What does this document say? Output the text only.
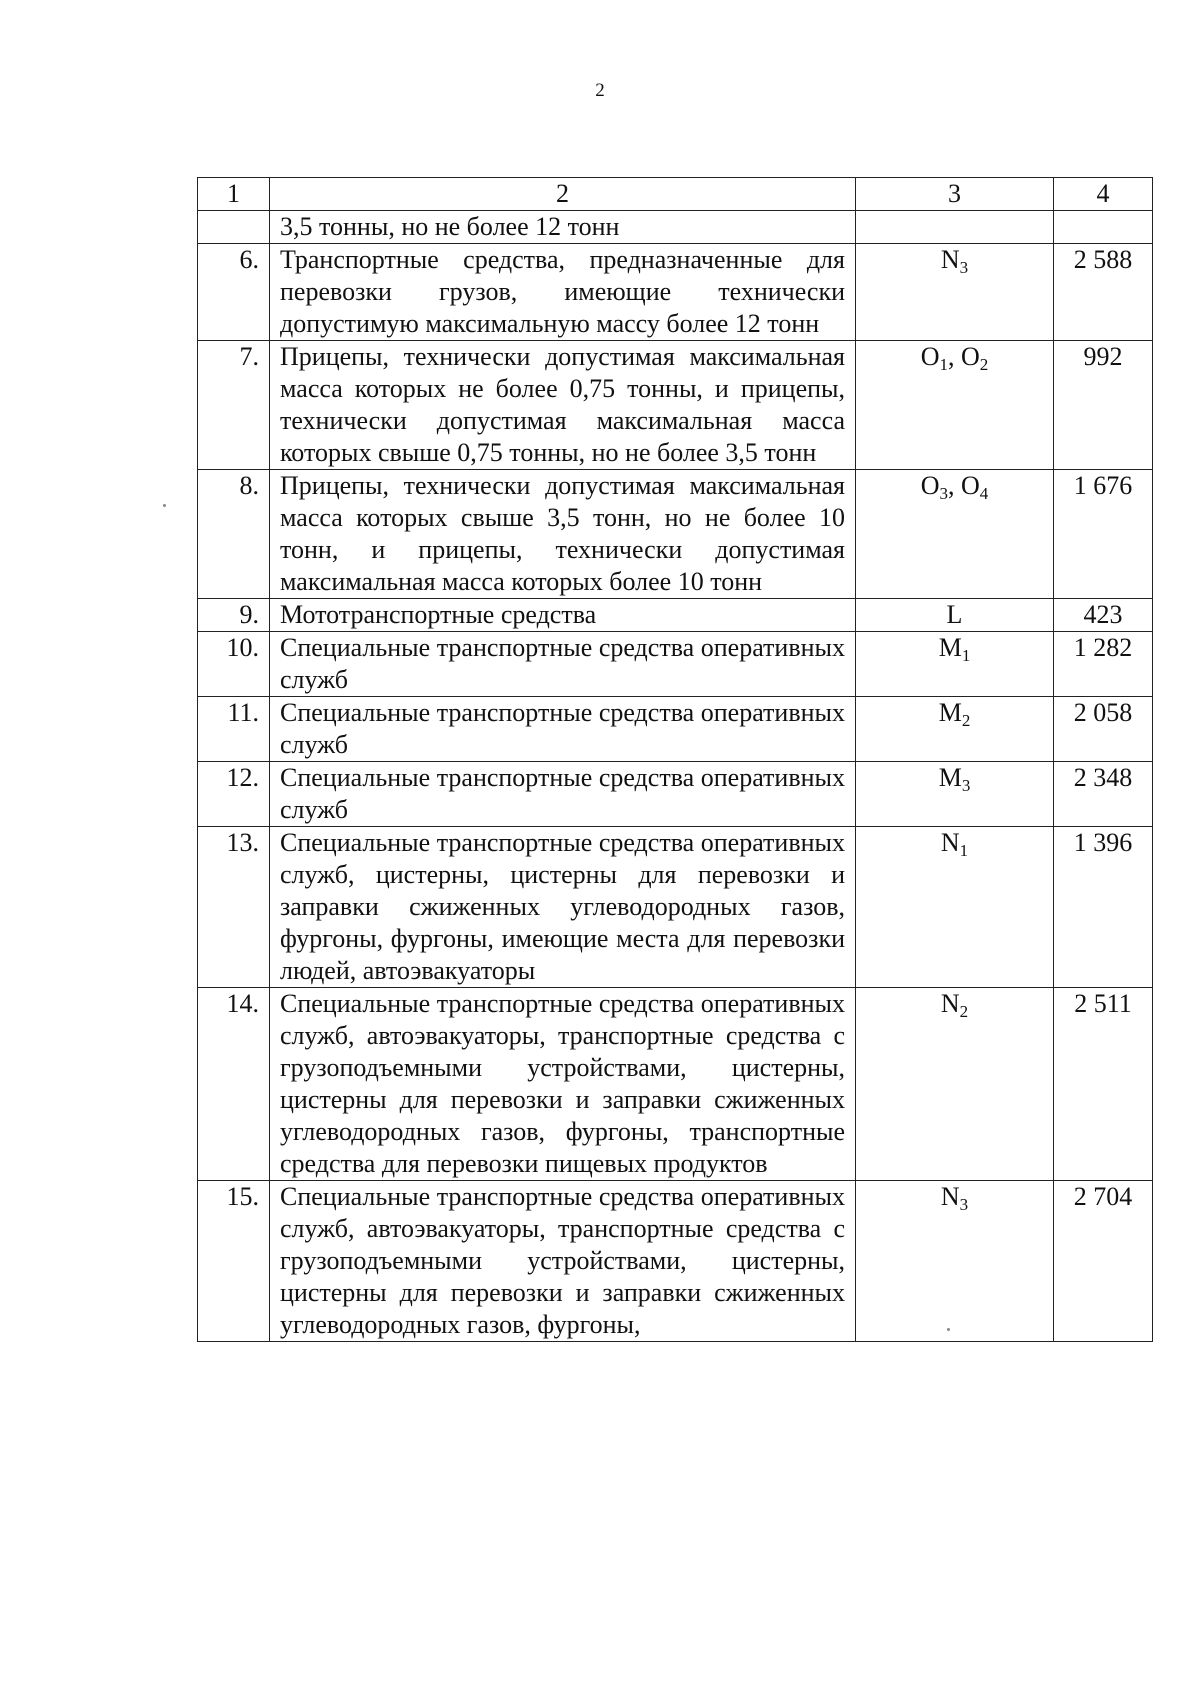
2
1	2	3	4
	3,5 тонны, но не более 12 тонн		
6.	Транспортные средства, предназначенные для перевозки грузов, имеющие технически допустимую максимальную массу более 12 тонн	$N_3$	2 588
7.	Прицепы, технически допустимая максимальная масса которых не более 0,75 тонны, и прицепы, технически допустимая максимальная масса которых свыше 0,75 тонны, но не более 3,5 тонн	$O_1$, $O_2$	992
8.	Прицепы, технически допустимая максимальная масса которых свыше 3,5 тонн, но не более 10 тонн, и прицепы, технически допустимая максимальная масса которых более 10 тонн	$O_3$, $O_4$	1 676
9.	Мототранспортные средства	L	423
10.	Специальные транспортные средства оперативных служб	$M_1$	1 282
11.	Специальные транспортные средства оперативных служб	$M_2$	2 058
12.	Специальные транспортные средства оперативных служб	$M_3$	2 348
13.	Специальные транспортные средства оперативных служб, цистерны, цистерны для перевозки и заправки сжиженных углеводородных газов, фургоны, фургоны, имеющие места для перевозки людей, автоэвакуаторы	$N_1$	1 396
14.	Специальные транспортные средства оперативных служб, автоэвакуаторы, транспортные средства с грузоподъемными устройствами, цистерны, цистерны для перевозки и заправки сжиженных углеводородных газов, фургоны, транспортные средства для перевозки пищевых продуктов	$N_2$	2 511
15.	Специальные транспортные средства оперативных служб, автоэвакуаторы, транспортные средства с грузоподъемными устройствами, цистерны, цистерны для перевозки и заправки сжиженных углеводородных газов, фургоны,	$N_3$	2 704
